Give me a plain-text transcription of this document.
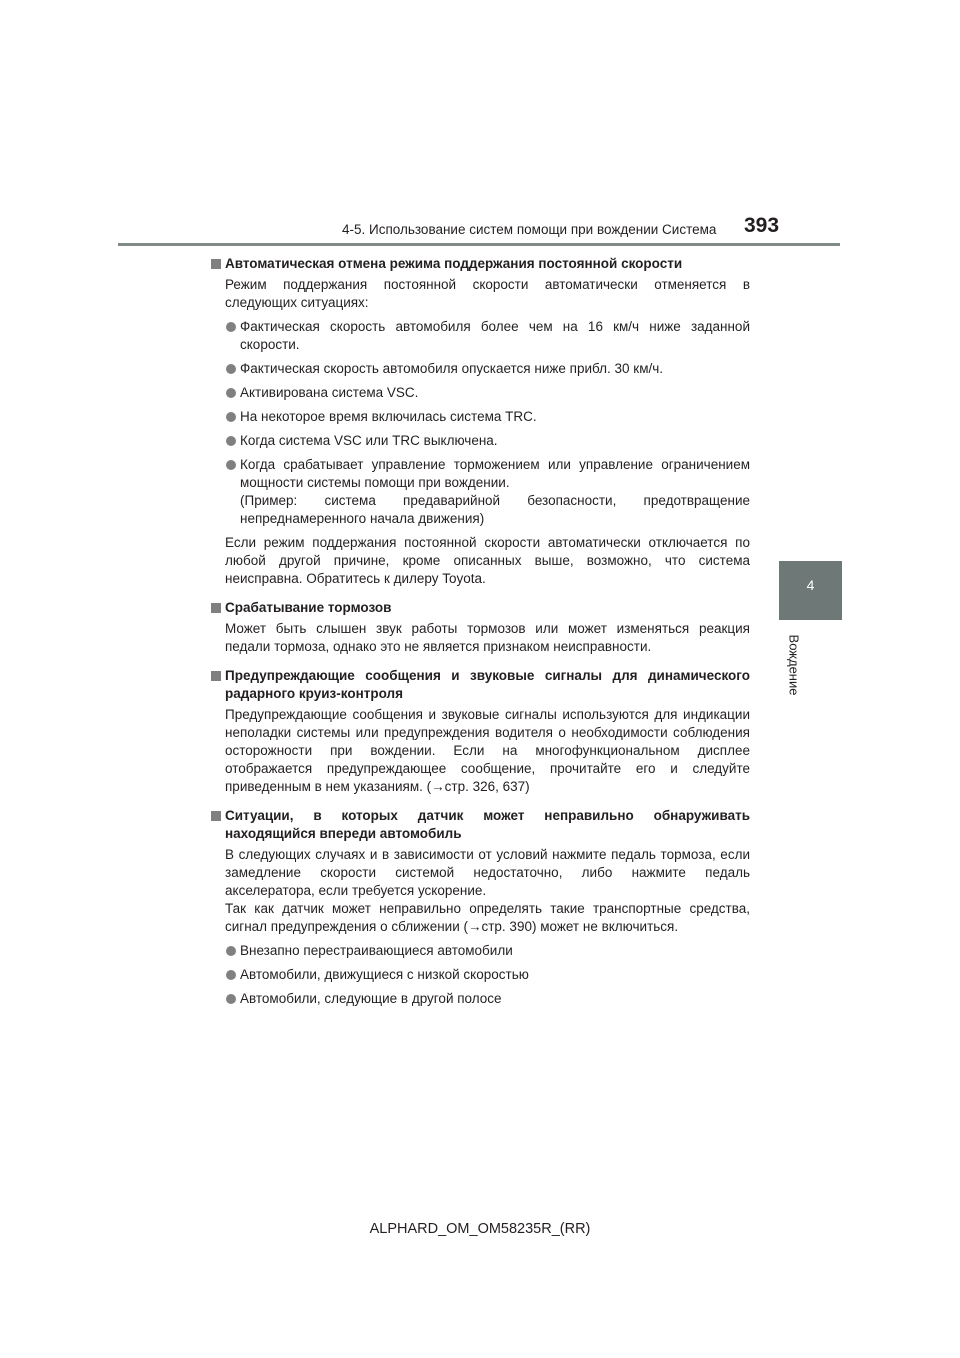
4-5. Использование систем помощи при вождении Система 393
4
Вождение
Автоматическая отмена режима поддержания постоянной скорости
Режим поддержания постоянной скорости автоматически отменяется в
следующих ситуациях:
Фактическая скорость автомобиля более чем на 16 км/ч ниже заданной
скорости.
Фактическая скорость автомобиля опускается ниже прибл. 30 км/ч.
Активирована система VSC.
На некоторое время включилась система TRC.
Когда система VSC или TRC выключена.
Когда срабатывает управление торможением или управление ограничением
мощности системы помощи при вождении.
(Пример: система предаварийной безопасности, предотвращение
непреднамеренного начала движения)
Если режим поддержания постоянной скорости автоматически отключается по
любой другой причине, кроме описанных выше, возможно, что система
неисправна. Обратитесь к дилеру Toyota.
Срабатывание тормозов
Может быть слышен звук работы тормозов или может изменяться реакция
педали тормоза, однако это не является признаком неисправности.
Предупреждающие сообщения и звуковые сигналы для динамического
радарного круиз-контроля
Предупреждающие сообщения и звуковые сигналы используются для индикации
неполадки системы или предупреждения водителя о необходимости соблюдения
осторожности при вождении. Если на многофункциональном дисплее
отображается предупреждающее сообщение, прочитайте его и следуйте
приведенным в нем указаниям. (→стр. 326, 637)
Ситуации, в которых датчик может неправильно обнаруживать
находящийся впереди автомобиль
В следующих случаях и в зависимости от условий нажмите педаль тормоза, если
замедление скорости системой недостаточно, либо нажмите педаль
акселератора, если требуется ускорение.
Так как датчик может неправильно определять такие транспортные средства,
сигнал предупреждения о сближении (→стр. 390) может не включиться.
Внезапно перестраивающиеся автомобили
Автомобили, движущиеся с низкой скоростью
Автомобили, следующие в другой полосе
ALPHARD_OM_OM58235R_(RR)
